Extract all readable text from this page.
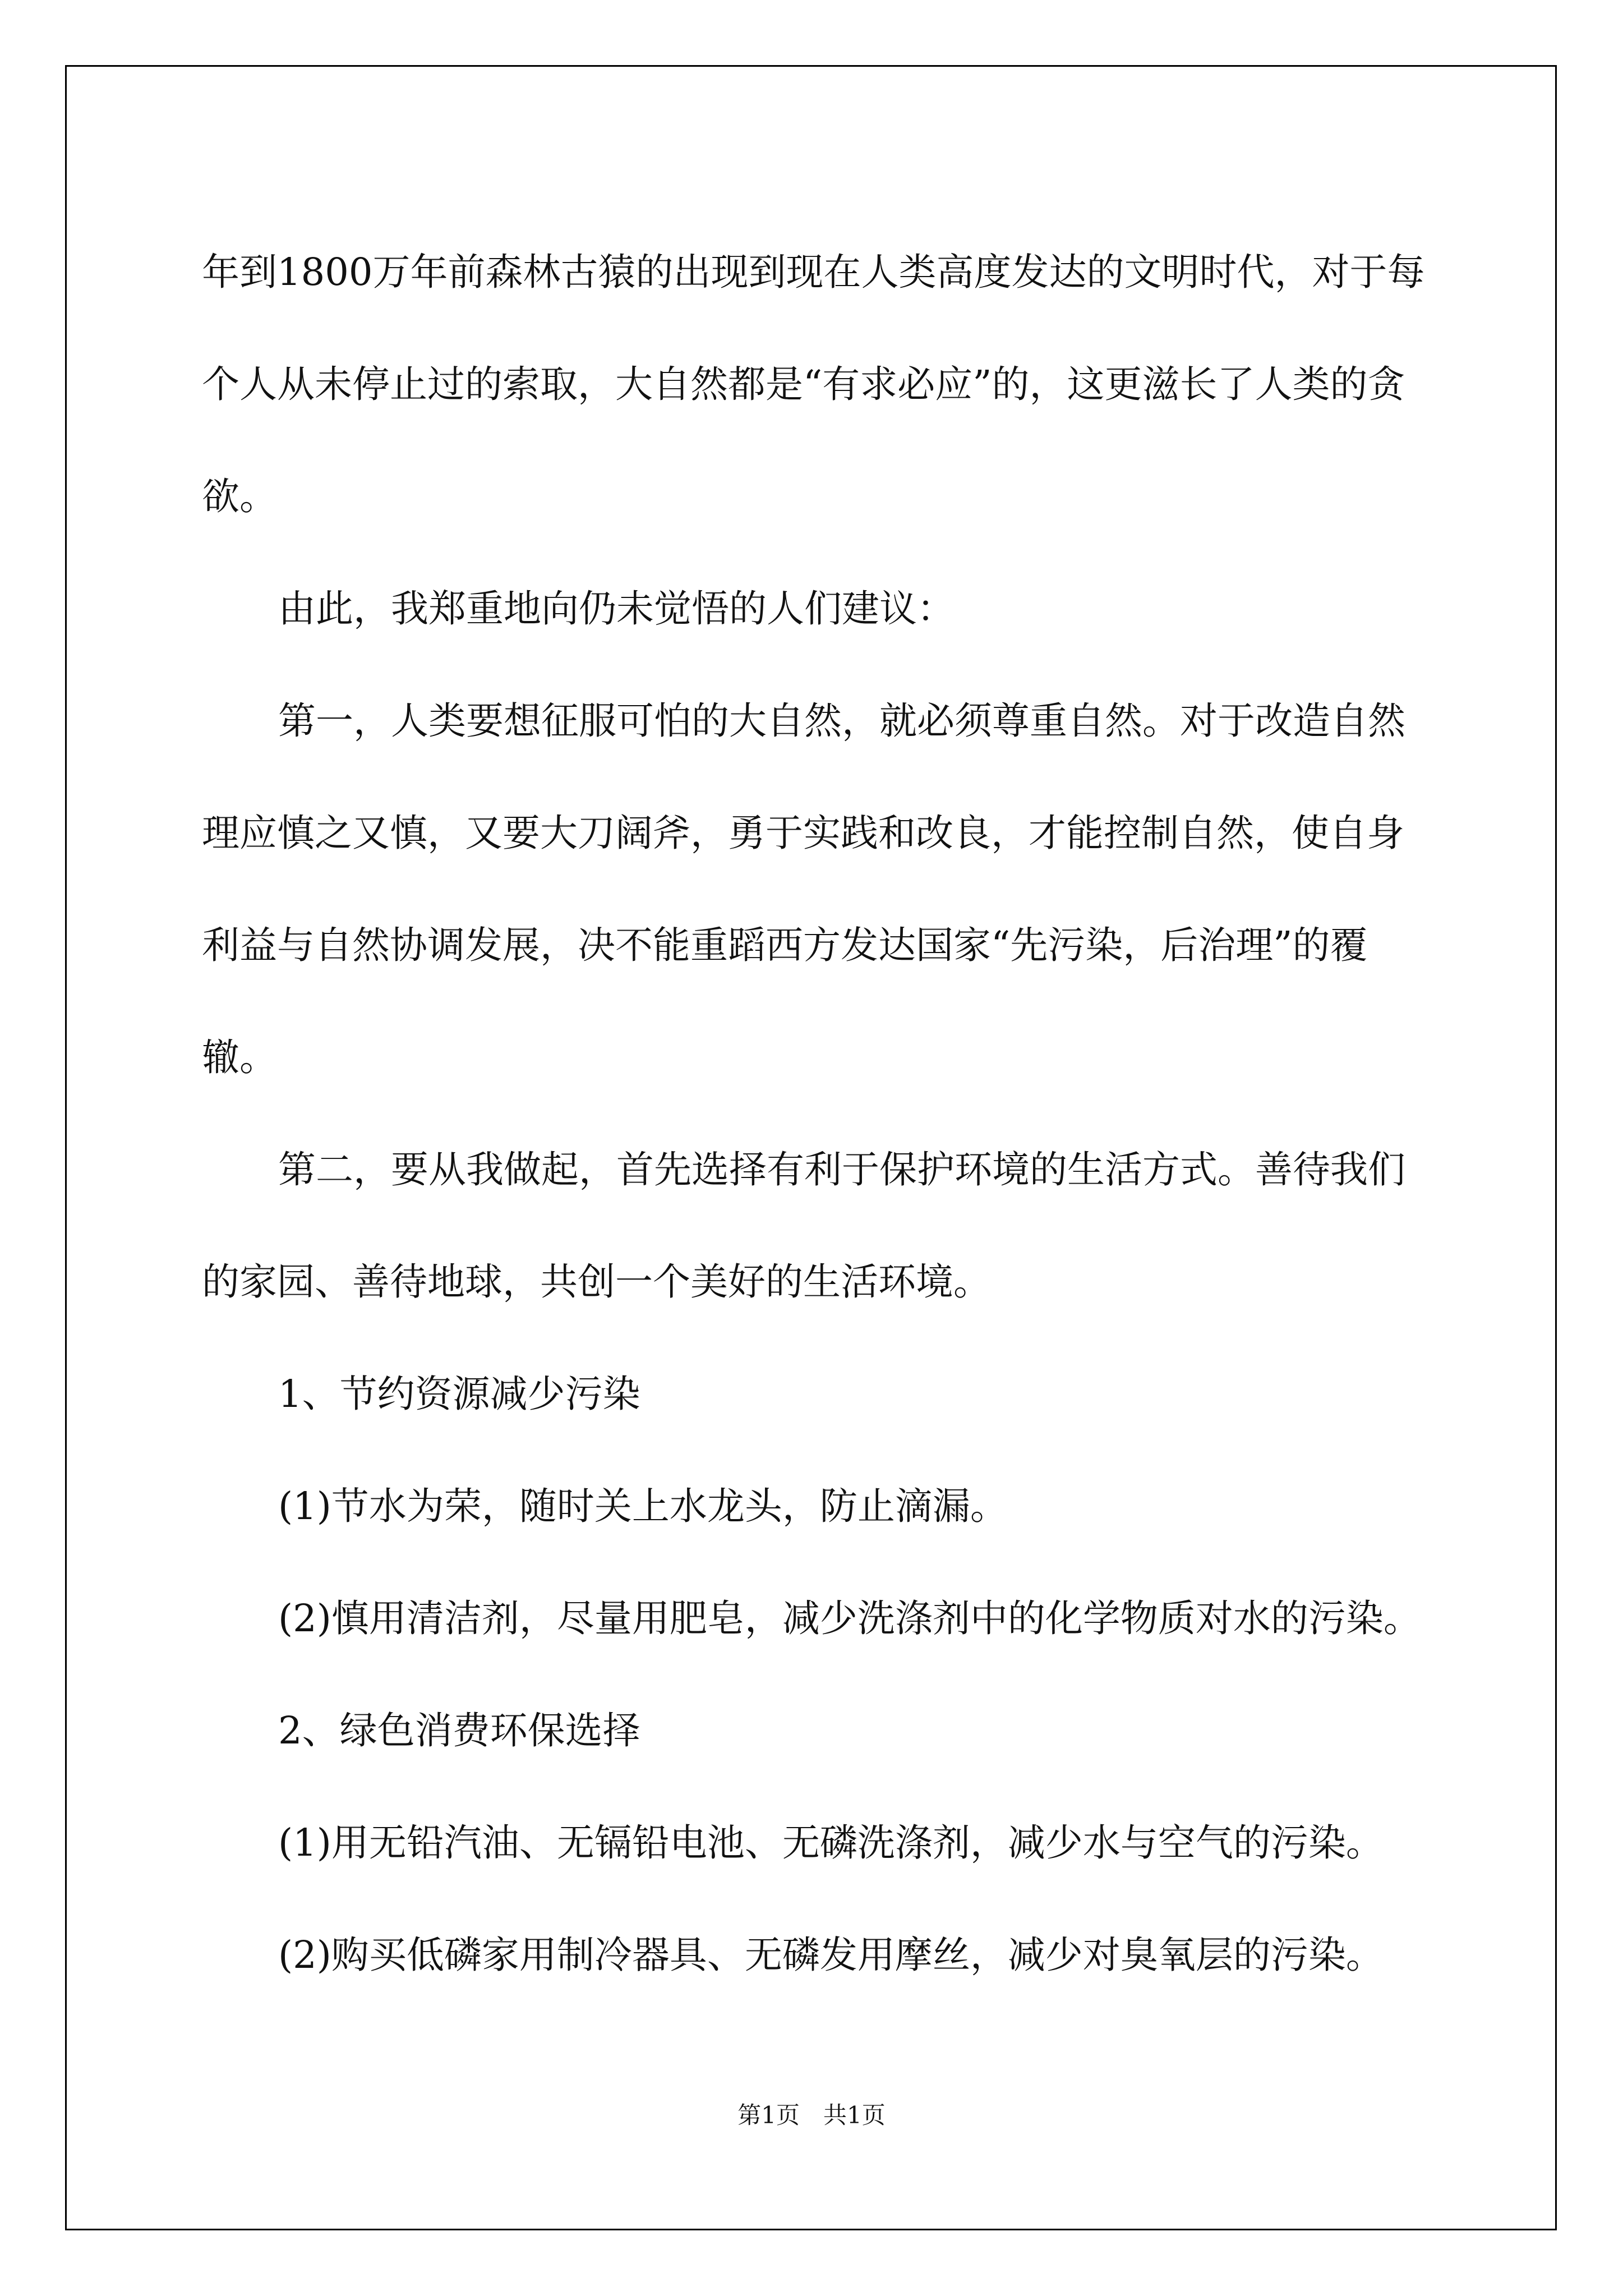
年到1800万年前森林古猿的出现到现在人类高度发达的文明时代，对于每个人从未停止过的索取，大自然都是“有求必应”的，这更滋长了人类的贪欲。

由此，我郑重地向仍未觉悟的人们建议：

第一，人类要想征服可怕的大自然，就必须尊重自然。对于改造自然理应慎之又慎，又要大刀阔斧，勇于实践和改良，才能控制自然，使自身利益与自然协调发展，决不能重蹈西方发达国家“先污染，后治理”的覆辙。

第二，要从我做起，首先选择有利于保护环境的生活方式。善待我们的家园、善待地球，共创一个美好的生活环境。

1、节约资源减少污染

(1)节水为荣，随时关上水龙头，防止滴漏。

(2)慎用清洁剂，尽量用肥皂，减少洗涤剂中的化学物质对水的污染。

2、绿色消费环保选择

(1)用无铅汽油、无镉铅电池、无磷洗涤剂，减少水与空气的污染。

(2)购买低磷家用制冷器具、无磷发用摩丝，减少对臭氧层的污染。

第1页　共1页
